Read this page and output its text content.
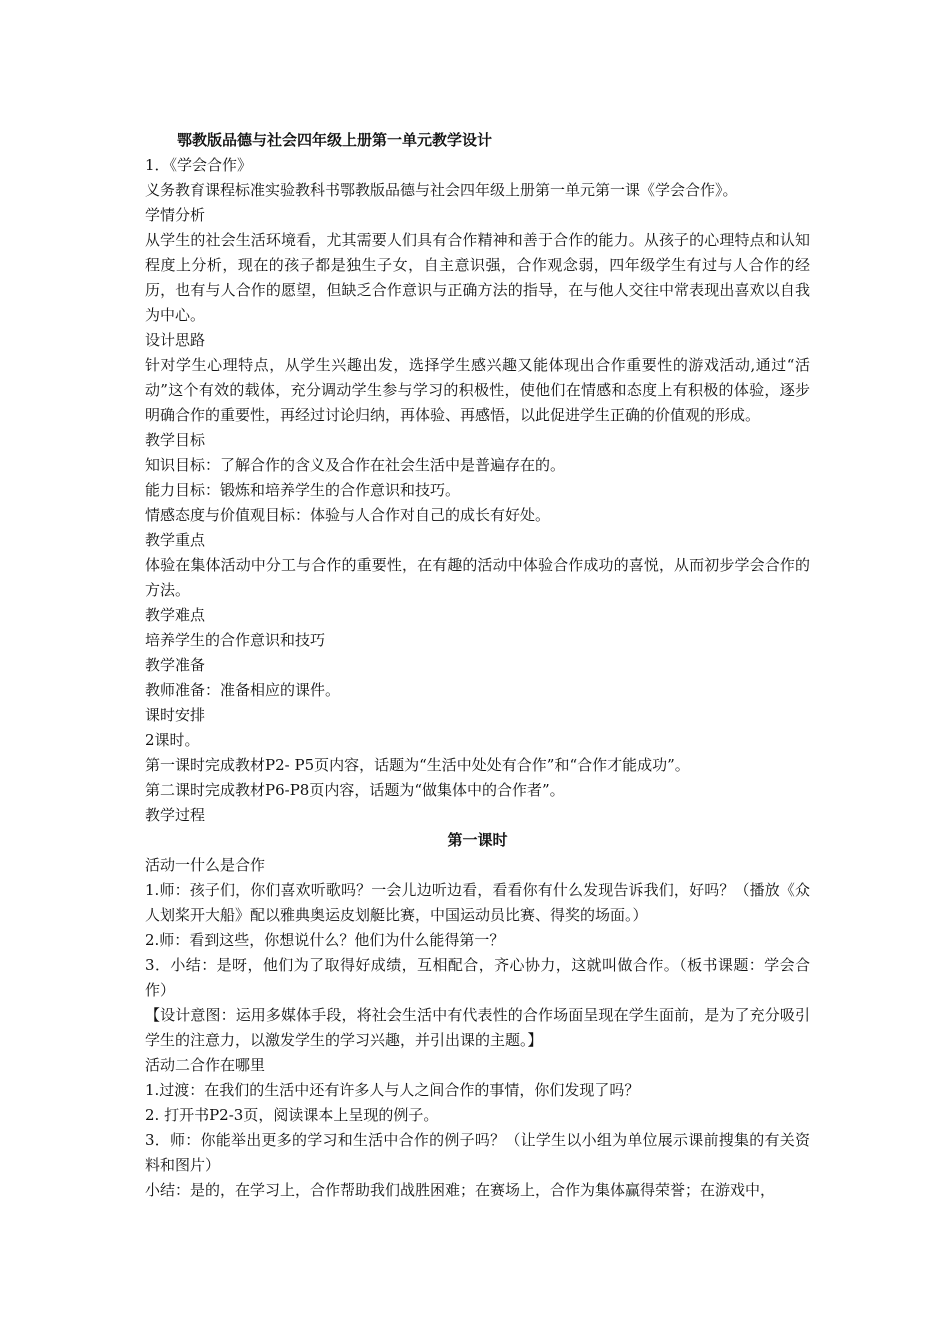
鄂教版品德与社会四年级上册第一单元教学设计
1．《学会合作》
义务教育课程标准实验教科书鄂教版品德与社会四年级上册第一单元第一课《学会合作》。
学情分析
从学生的社会生活环境看，尤其需要人们具有合作精神和善于合作的能力。从孩子的心理特点和认知程度上分析，现在的孩子都是独生子女，自主意识强，合作观念弱，四年级学生有过与人合作的经历，也有与人合作的愿望，但缺乏合作意识与正确方法的指导，在与他人交往中常表现出喜欢以自我为中心。
设计思路
针对学生心理特点，从学生兴趣出发，选择学生感兴趣又能体现出合作重要性的游戏活动,通过“活动”这个有效的载体，充分调动学生参与学习的积极性，使他们在情感和态度上有积极的体验，逐步明确合作的重要性，再经过讨论归纳，再体验、再感悟，以此促进学生正确的价值观的形成。
教学目标
知识目标：了解合作的含义及合作在社会生活中是普遍存在的。
能力目标：锻炼和培养学生的合作意识和技巧。
情感态度与价值观目标：体验与人合作对自己的成长有好处。
教学重点
体验在集体活动中分工与合作的重要性，在有趣的活动中体验合作成功的喜悦，从而初步学会合作的方法。
教学难点
培养学生的合作意识和技巧
教学准备
教师准备：准备相应的课件。
课时安排
2课时。
第一课时完成教材P2- P5页内容，话题为“生活中处处有合作”和“合作才能成功”。
第二课时完成教材P6-P8页内容，话题为“做集体中的合作者”。
教学过程
第一课时
活动一什么是合作
1.师：孩子们，你们喜欢听歌吗？一会儿边听边看，看看你有什么发现告诉我们，好吗？（播放《众人划桨开大船》配以雅典奥运皮划艇比赛，中国运动员比赛、得奖的场面。）
2.师：看到这些，你想说什么？他们为什么能得第一？
3．小结：是呀，他们为了取得好成绩，互相配合，齐心协力，这就叫做合作。（板书课题：学会合作）
【设计意图：运用多媒体手段，将社会生活中有代表性的合作场面呈现在学生面前，是为了充分吸引学生的注意力，以激发学生的学习兴趣，并引出课的主题。】
活动二合作在哪里
1.过渡：在我们的生活中还有许多人与人之间合作的事情，你们发现了吗？
2. 打开书P2-3页，阅读课本上呈现的例子。
3．师：你能举出更多的学习和生活中合作的例子吗？（让学生以小组为单位展示课前搜集的有关资料和图片）
小结：是的，在学习上，合作帮助我们战胜困难；在赛场上，合作为集体赢得荣誉；在游戏中，
